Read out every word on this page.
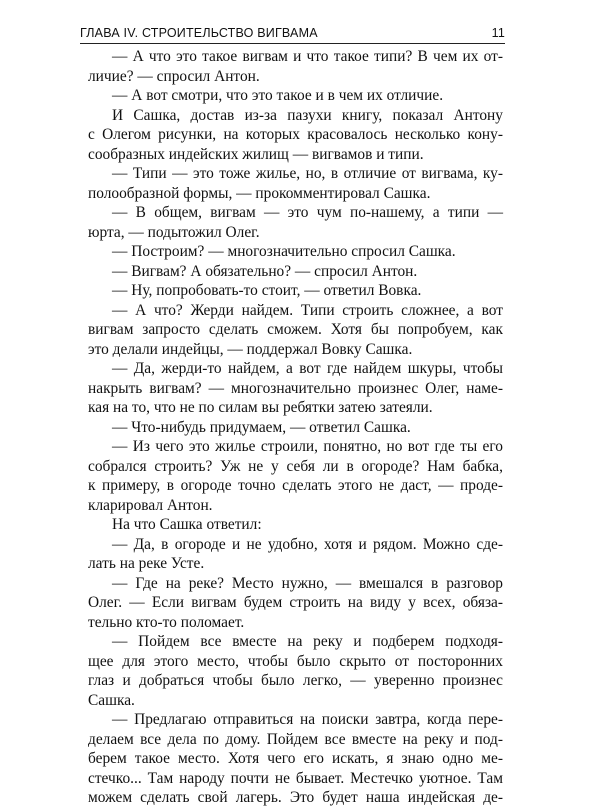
ГЛАВА IV. СТРОИТЕЛЬСТВО ВИГВАМА	11
— А что это такое вигвам и что такое типи? В чем их от-
личие? — спросил Антон.
— А вот смотри, что это такое и в чем их отличие.
И Сашка, достав из-за пазухи книгу, показал Антону
с Олегом рисунки, на которых красовалось несколько кону-
сообразных индейских жилищ — вигвамов и типи.
— Типи — это тоже жилье, но, в отличие от вигвама, ку-
полообразной формы, — прокомментировал Сашка.
— В общем, вигвам — это чум по-нашему, а типи —
юрта, — подытожил Олег.
— Построим? — многозначительно спросил Сашка.
— Вигвам? А обязательно? — спросил Антон.
— Ну, попробовать-то стоит, — ответил Вовка.
— А что? Жерди найдем. Типи строить сложнее, а вот
вигвам запросто сделать сможем. Хотя бы попробуем, как
это делали индейцы, — поддержал Вовку Сашка.
— Да, жерди-то найдем, а вот где найдем шкуры, чтобы
накрыть вигвам? — многозначительно произнес Олег, наме-
кая на то, что не по силам вы ребятки затею затеяли.
— Что-нибудь придумаем, — ответил Сашка.
— Из чего это жилье строили, понятно, но вот где ты его
собрался строить? Уж не у себя ли в огороде? Нам бабка,
к примеру, в огороде точно сделать этого не даст, — проде-
кларировал Антон.
На что Сашка ответил:
— Да, в огороде и не удобно, хотя и рядом. Можно сде-
лать на реке Усте.
— Где на реке? Место нужно, — вмешался в разговор
Олег. — Если вигвам будем строить на виду у всех, обяза-
тельно кто-то поломает.
— Пойдем все вместе на реку и подберем подходя-
щее для этого место, чтобы было скрыто от посторонних
глаз и добраться чтобы было легко, — уверенно произнес
Сашка.
— Предлагаю отправиться на поиски завтра, когда пере-
делаем все дела по дому. Пойдем все вместе на реку и под-
берем такое место. Хотя чего его искать, я знаю одно ме-
стечко... Там народу почти не бывает. Местечко уютное. Там
можем сделать свой лагерь. Это будет наша индейская де-
